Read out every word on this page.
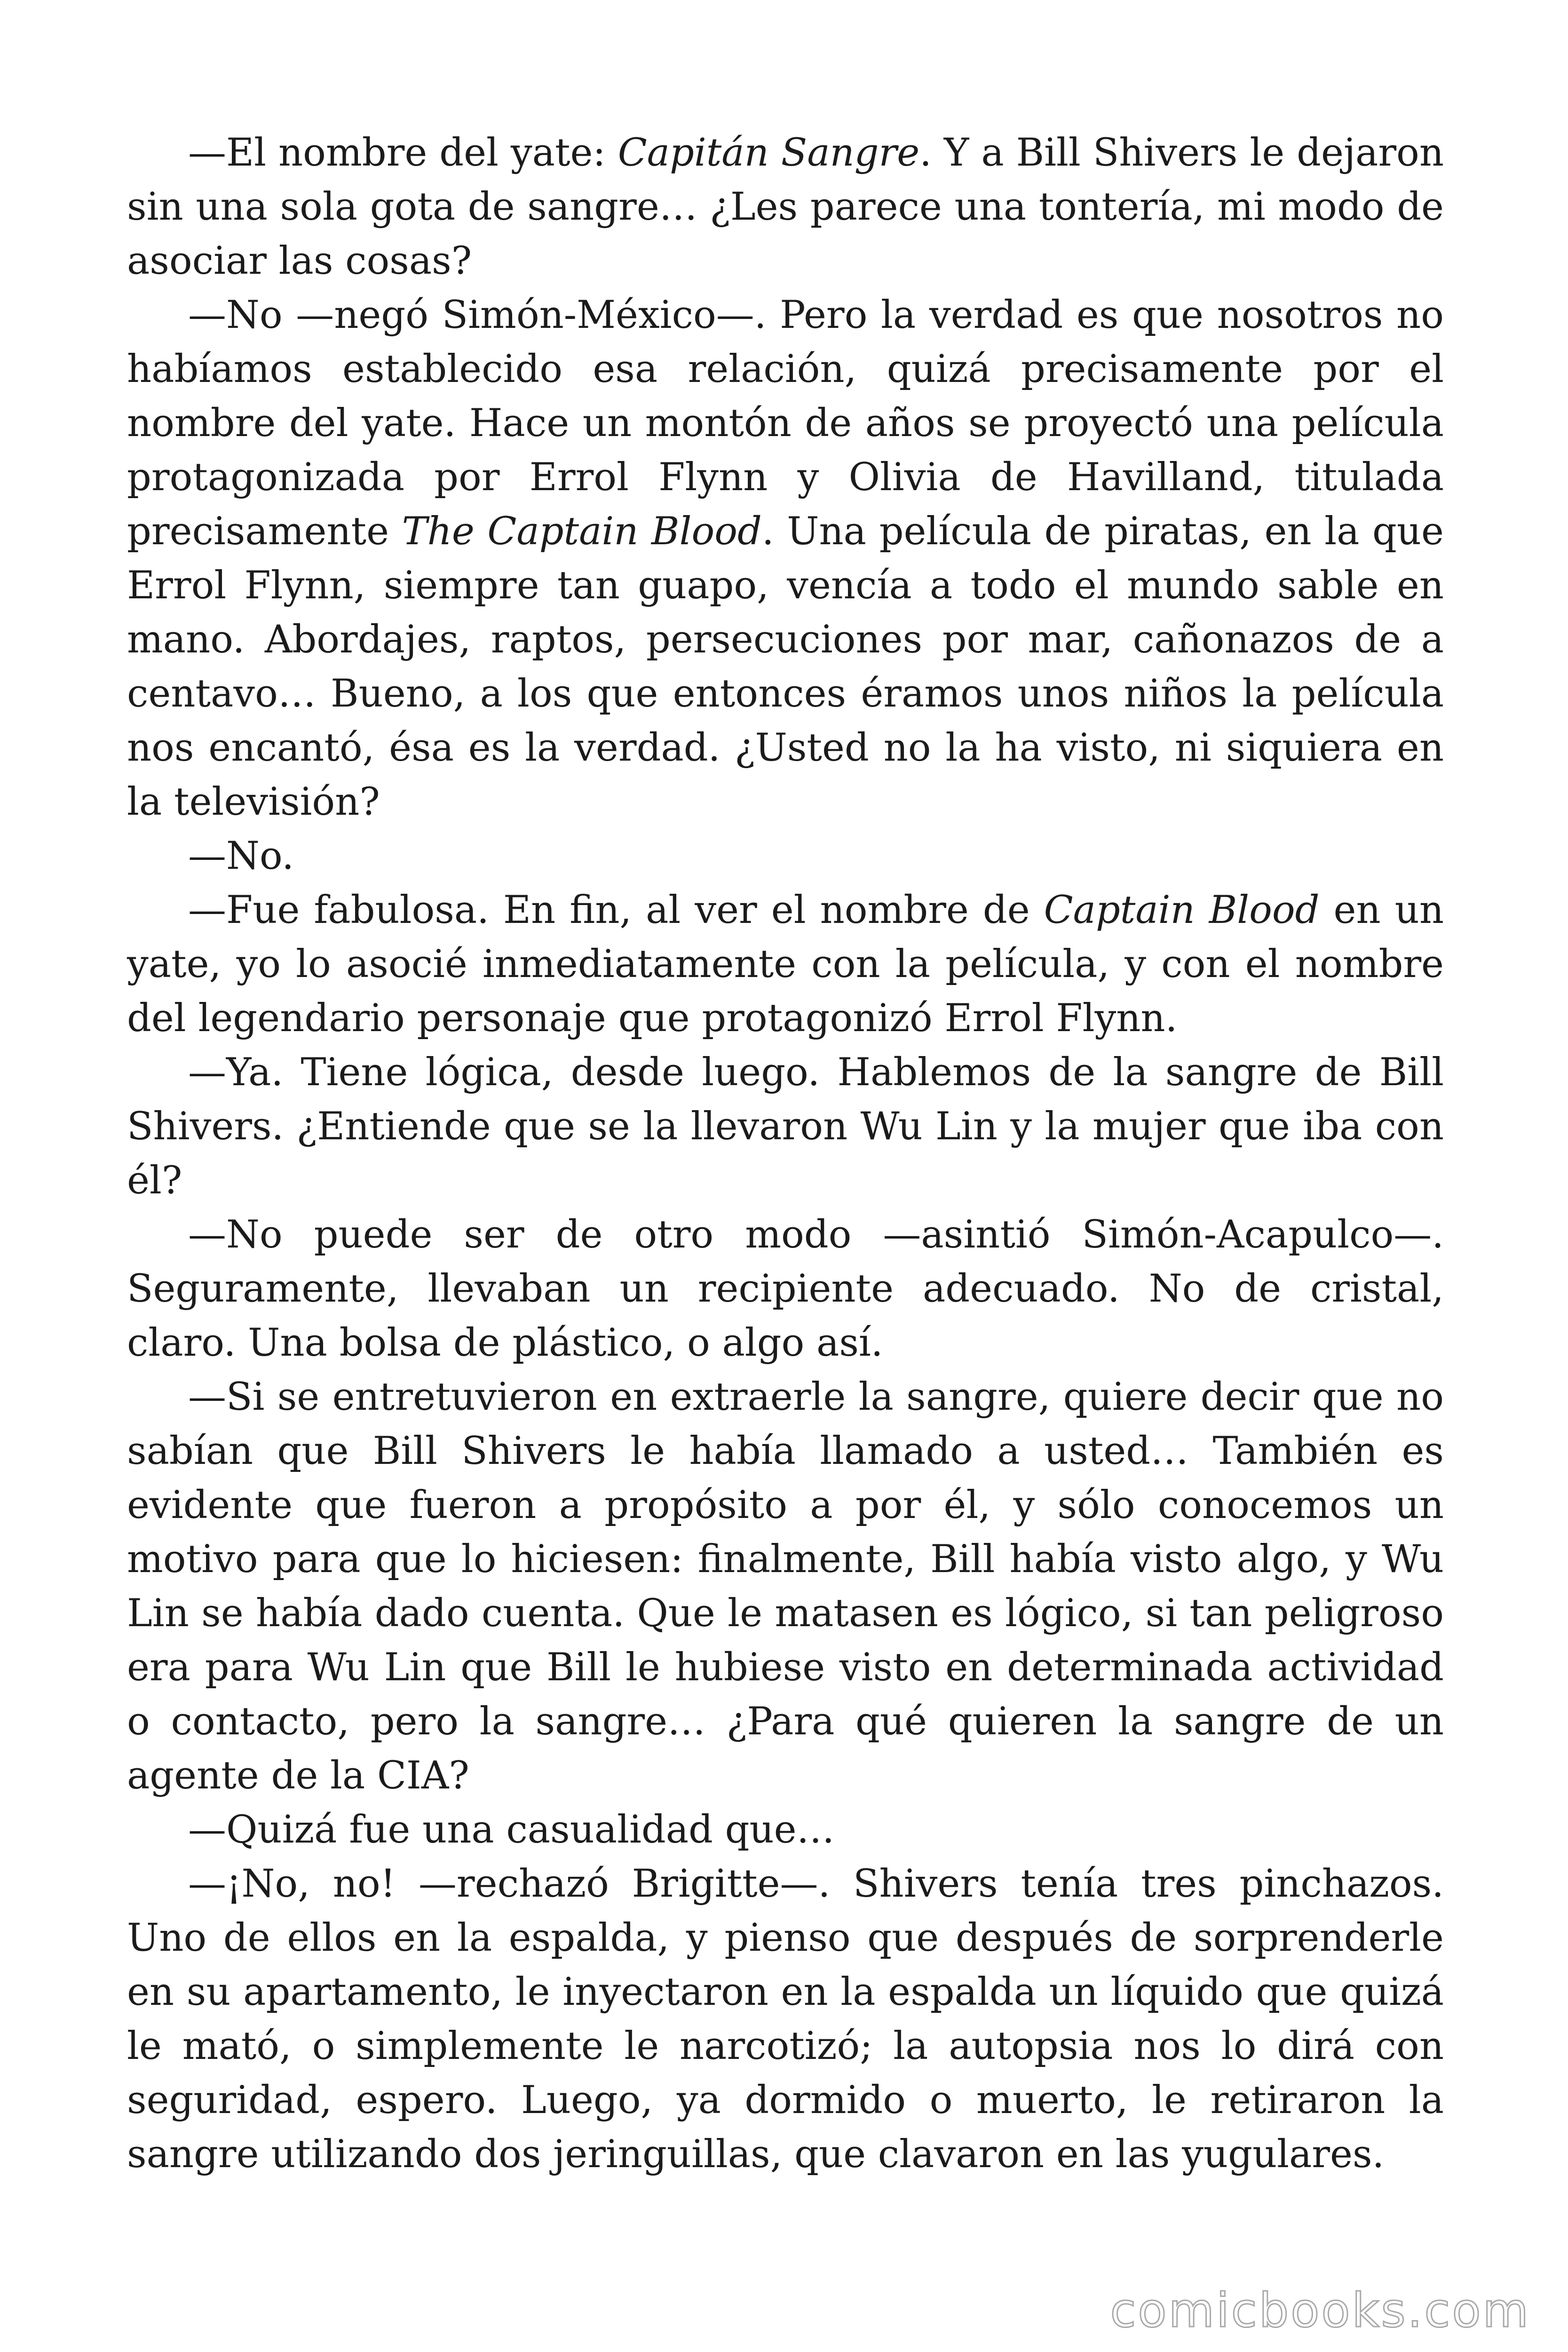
—El nombre del yate: Capitán Sangre. Y a Bill Shivers le dejaron sin una sola gota de sangre… ¿Les parece una tontería, mi modo de asociar las cosas?

—No —negó Simón-México—. Pero la verdad es que nosotros no habíamos establecido esa relación, quizá precisamente por el nombre del yate. Hace un montón de años se proyectó una película protagonizada por Errol Flynn y Olivia de Havilland, titulada precisamente The Captain Blood. Una película de piratas, en la que Errol Flynn, siempre tan guapo, vencía a todo el mundo sable en mano. Abordajes, raptos, persecuciones por mar, cañonazos de a centavo… Bueno, a los que entonces éramos unos niños la película nos encantó, ésa es la verdad. ¿Usted no la ha visto, ni siquiera en la televisión?

—No.

—Fue fabulosa. En fin, al ver el nombre de Captain Blood en un yate, yo lo asocié inmediatamente con la película, y con el nombre del legendario personaje que protagonizó Errol Flynn.

—Ya. Tiene lógica, desde luego. Hablemos de la sangre de Bill Shivers. ¿Entiende que se la llevaron Wu Lin y la mujer que iba con él?

—No puede ser de otro modo —asintió Simón-Acapulco—. Seguramente, llevaban un recipiente adecuado. No de cristal, claro. Una bolsa de plástico, o algo así.

—Si se entretuvieron en extraerle la sangre, quiere decir que no sabían que Bill Shivers le había llamado a usted… También es evidente que fueron a propósito a por él, y sólo conocemos un motivo para que lo hiciesen: finalmente, Bill había visto algo, y Wu Lin se había dado cuenta. Que le matasen es lógico, si tan peligroso era para Wu Lin que Bill le hubiese visto en determinada actividad o contacto, pero la sangre… ¿Para qué quieren la sangre de un agente de la CIA?

—Quizá fue una casualidad que…

—¡No, no! —rechazó Brigitte—. Shivers tenía tres pinchazos. Uno de ellos en la espalda, y pienso que después de sorprenderle en su apartamento, le inyectaron en la espalda un líquido que quizá le mató, o simplemente le narcotizó; la autopsia nos lo dirá con seguridad, espero. Luego, ya dormido o muerto, le retiraron la sangre utilizando dos jeringuillas, que clavaron en las yugulares.

comicbooks.com
